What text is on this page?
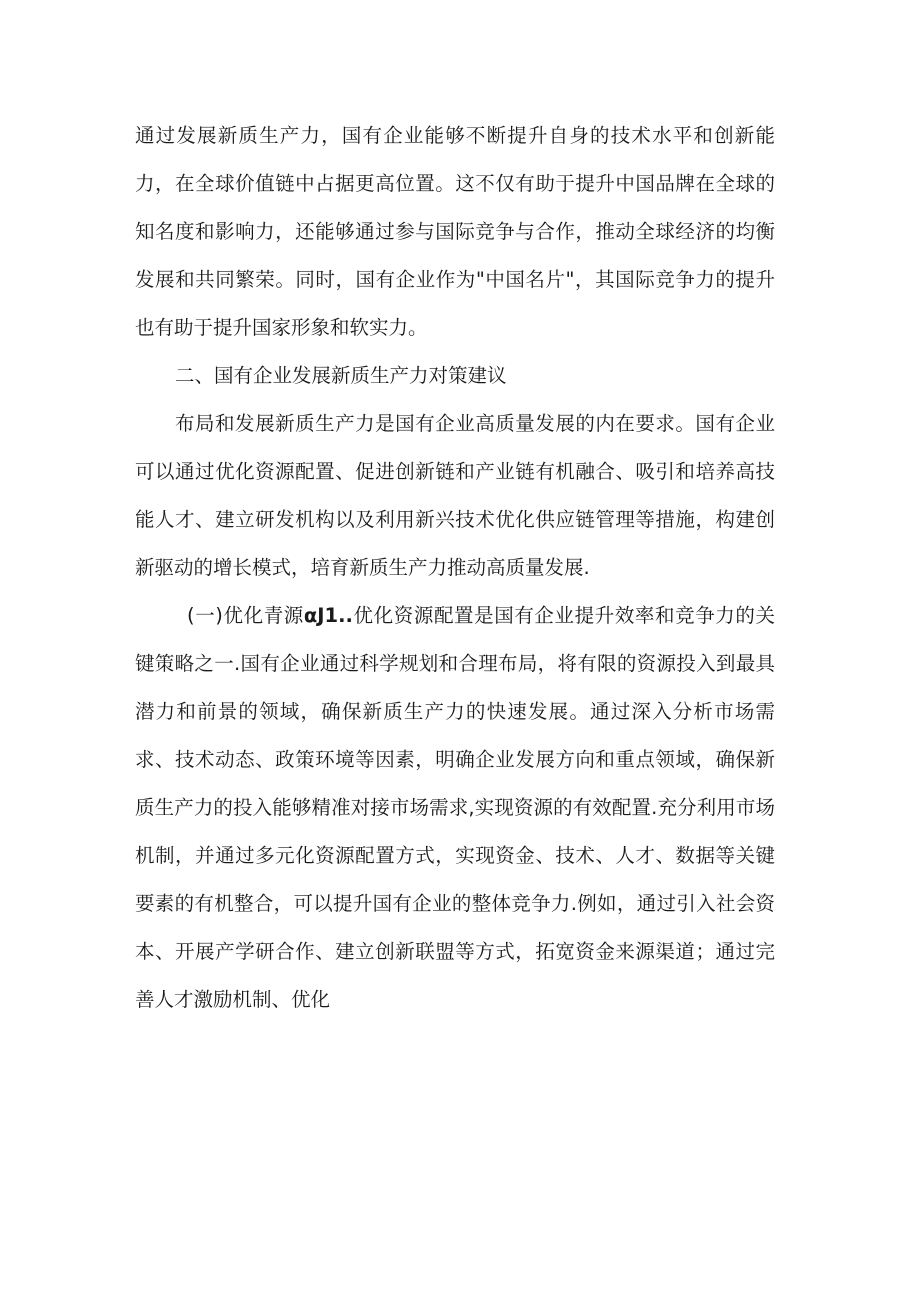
通过发展新质生产力，国有企业能够不断提升自身的技术水平和创新能力，在全球价值链中占据更高位置。这不仅有助于提升中国品牌在全球的知名度和影响力，还能够通过参与国际竞争与合作，推动全球经济的均衡发展和共同繁荣。同时，国有企业作为"中国名片"，其国际竞争力的提升也有助于提升国家形象和软实力。

二、国有企业发展新质生产力对策建议

布局和发展新质生产力是国有企业高质量发展的内在要求。国有企业可以通过优化资源配置、促进创新链和产业链有机融合、吸引和培养高技能人才、建立研发机构以及利用新兴技术优化供应链管理等措施，构建创新驱动的增长模式，培育新质生产力推动高质量发展.

(一)优化青源αJ1..优化资源配置是国有企业提升效率和竞争力的关键策略之一.国有企业通过科学规划和合理布局，将有限的资源投入到最具潜力和前景的领域，确保新质生产力的快速发展。通过深入分析市场需求、技术动态、政策环境等因素，明确企业发展方向和重点领域，确保新质生产力的投入能够精准对接市场需求,实现资源的有效配置.充分利用市场机制，并通过多元化资源配置方式，实现资金、技术、人才、数据等关键要素的有机整合，可以提升国有企业的整体竞争力.例如，通过引入社会资本、开展产学研合作、建立创新联盟等方式，拓宽资金来源渠道；通过完善人才激励机制、优化
